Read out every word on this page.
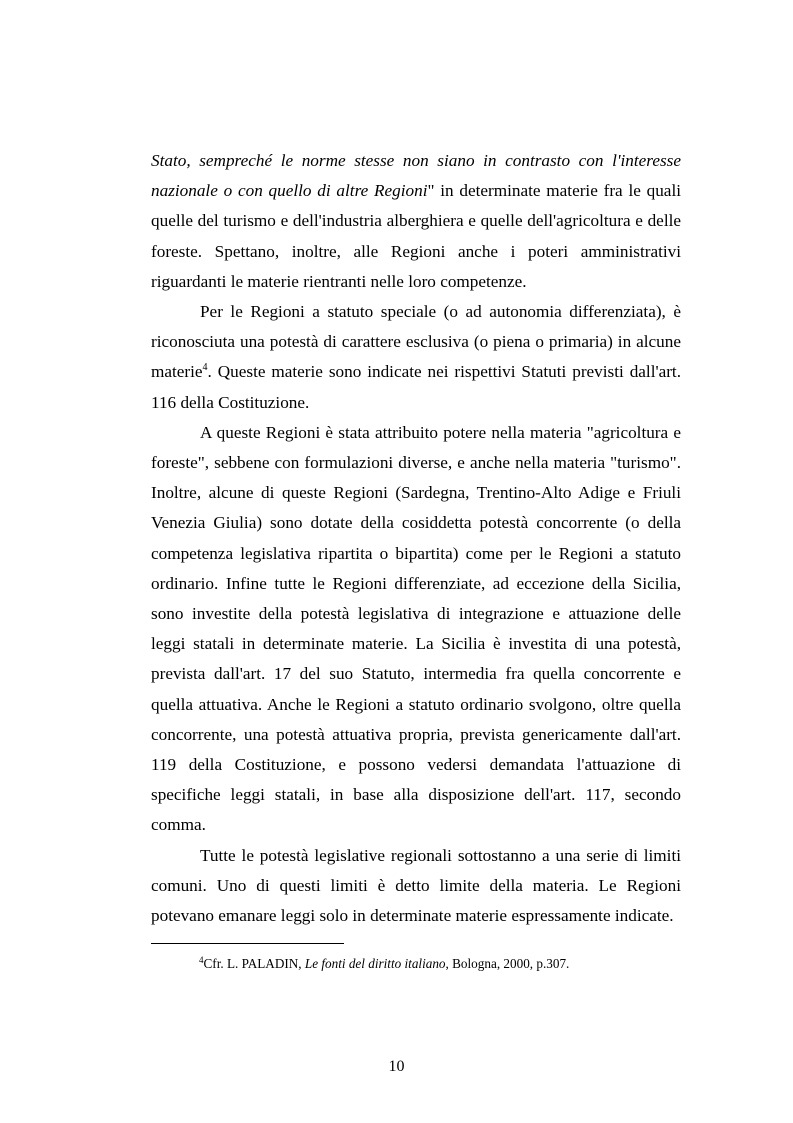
Stato, sempreché le norme stesse non siano in contrasto con l'interesse nazionale o con quello di altre Regioni" in determinate materie fra le quali quelle del turismo e dell'industria alberghiera e quelle dell'agricoltura e delle foreste. Spettano, inoltre, alle Regioni anche i poteri amministrativi riguardanti le materie rientranti nelle loro competenze.

Per le Regioni a statuto speciale (o ad autonomia differenziata), è riconosciuta una potestà di carattere esclusiva (o piena o primaria) in alcune materie$^4$. Queste materie sono indicate nei rispettivi Statuti previsti dall'art. 116 della Costituzione.

A queste Regioni è stata attribuito potere nella materia "agricoltura e foreste", sebbene con formulazioni diverse, e anche nella materia "turismo". Inoltre, alcune di queste Regioni (Sardegna, Trentino-Alto Adige e Friuli Venezia Giulia) sono dotate della cosiddetta potestà concorrente (o della competenza legislativa ripartita o bipartita) come per le Regioni a statuto ordinario. Infine tutte le Regioni differenziate, ad eccezione della Sicilia, sono investite della potestà legislativa di integrazione e attuazione delle leggi statali in determinate materie. La Sicilia è investita di una potestà, prevista dall'art. 17 del suo Statuto, intermedia fra quella concorrente e quella attuativa. Anche le Regioni a statuto ordinario svolgono, oltre quella concorrente, una potestà attuativa propria, prevista genericamente dall'art. 119 della Costituzione, e possono vedersi demandata l'attuazione di specifiche leggi statali, in base alla disposizione dell'art. 117, secondo comma.

Tutte le potestà legislative regionali sottostanno a una serie di limiti comuni. Uno di questi limiti è detto limite della materia. Le Regioni potevano emanare leggi solo in determinate materie espressamente indicate.

$^4$Cfr. L. PALADIN, Le fonti del diritto italiano, Bologna, 2000, p.307.
10
